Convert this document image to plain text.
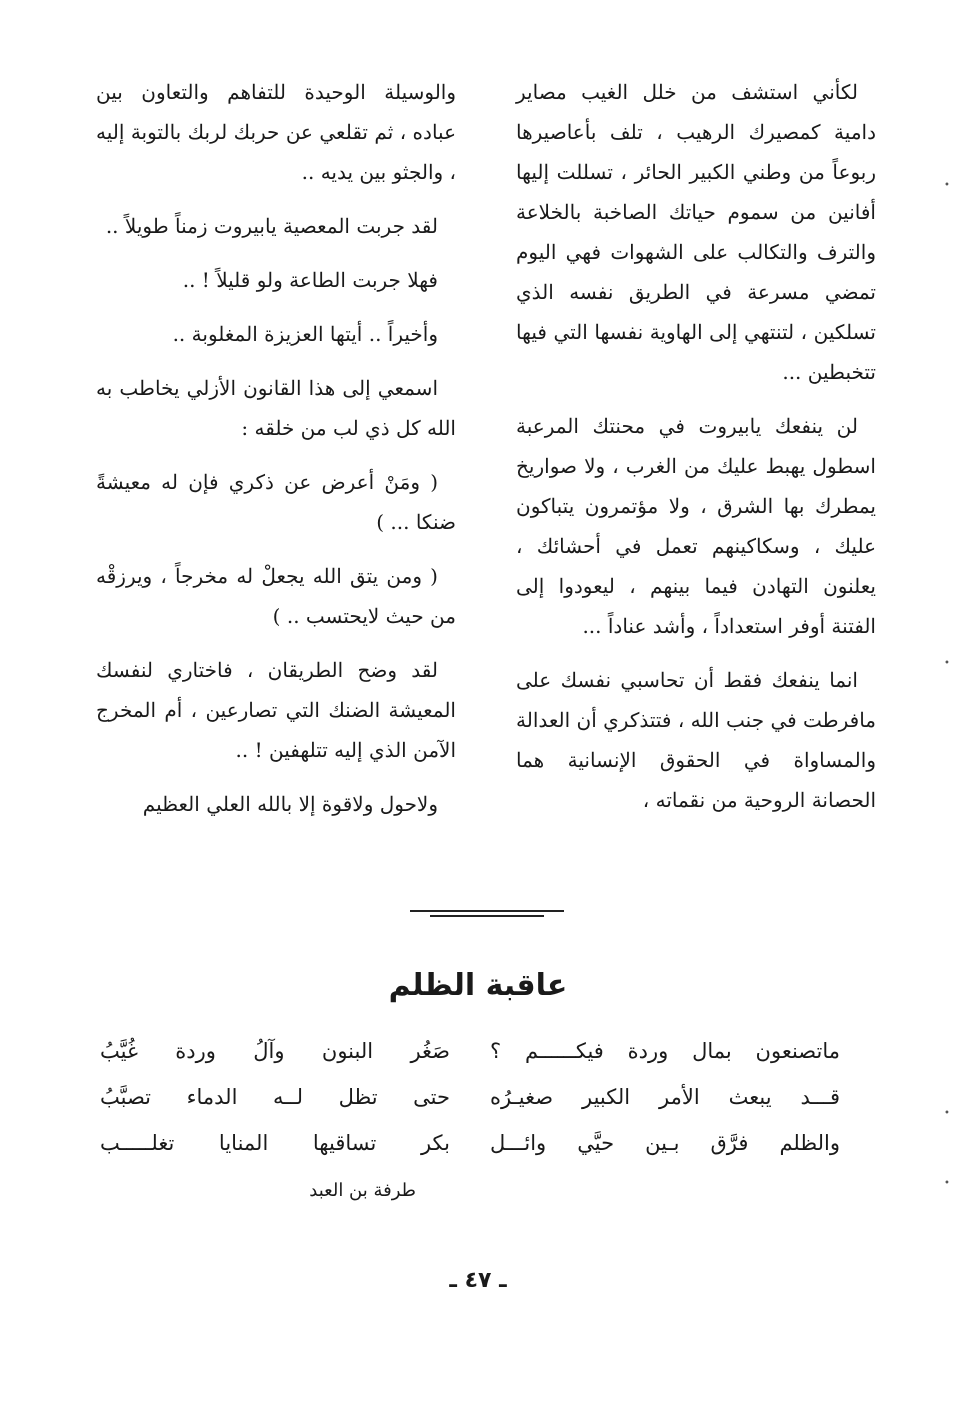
لكأني استشف من خلل الغيب مصاير دامية كمصيرك الرهيب ، تلف بأعاصيرها ربوعاً من وطني الكبير الحائر ، تسللت إليها أفانين من سموم حياتك الصاخبة بالخلاعة والترف والتكالب على الشهوات فهي اليوم تمضي مسرعة في الطريق نفسه الذي تسلكين ، لتنتهي إلى الهاوية نفسها التي فيها تتخبطين ...

لن ينفعك يابيروت في محنتك المرعبة اسطول يهبط عليك من الغرب ، ولا صواريخ يمطرك بها الشرق ، ولا مؤتمرون يتباكون عليك ، وسكاكينهم تعمل في أحشائك ، يعلنون التهادن فيما بينهم ، ليعودوا إلى الفتنة أوفر استعداداً ، وأشد عناداً ...

انما ينفعك فقط أن تحاسبي نفسك على مافرطت في جنب الله ، فتتذكري أن العدالة والمساواة في الحقوق الإنسانية هما الحصانة الروحية من نقماته ،

والوسيلة الوحيدة للتفاهم والتعاون بين عباده ، ثم تقلعي عن حربك لربك بالتوبة إليه ، والجثو بين يديه ..

لقد جربت المعصية يابيروت زمناً طويلاً ..

فهلا جربت الطاعة ولو قليلاً ! ..

وأخيراً .. أيتها العزيزة المغلوبة ..

اسمعي إلى هذا القانون الأزلي يخاطب به الله كل ذي لب من خلقه :

( ومَنْ أعرض عن ذكري فإن له معيشةً ضنكا ... )

( ومن يتق الله يجعلْ له مخرجاً ، ويرزقْه من حيث لايحتسب .. )

لقد وضح الطريقان ، فاختاري لنفسك المعيشة الضنك التي تصارعين ، أم المخرج الآمن الذي إليه تتلهفين ! ..

ولاحول ولاقوة إلا بالله العلي العظيم

عاقبة الظلم
ماتصنعون بمال وردة فيكــــــم ؟
صَغُر البنون وآلُ وردة غُيَّبُ
قـــد يبعث الأمر الكبير صغيـرُه
حتى تظل لــه الدماء تصبَّبُ
والظلم فرَّق بـين حيَّي وائـــل
بكر تساقيها المنايا تغلـــــب
طرفة بن العبد
ـ ٤٧ ـ
•
•
•
•
